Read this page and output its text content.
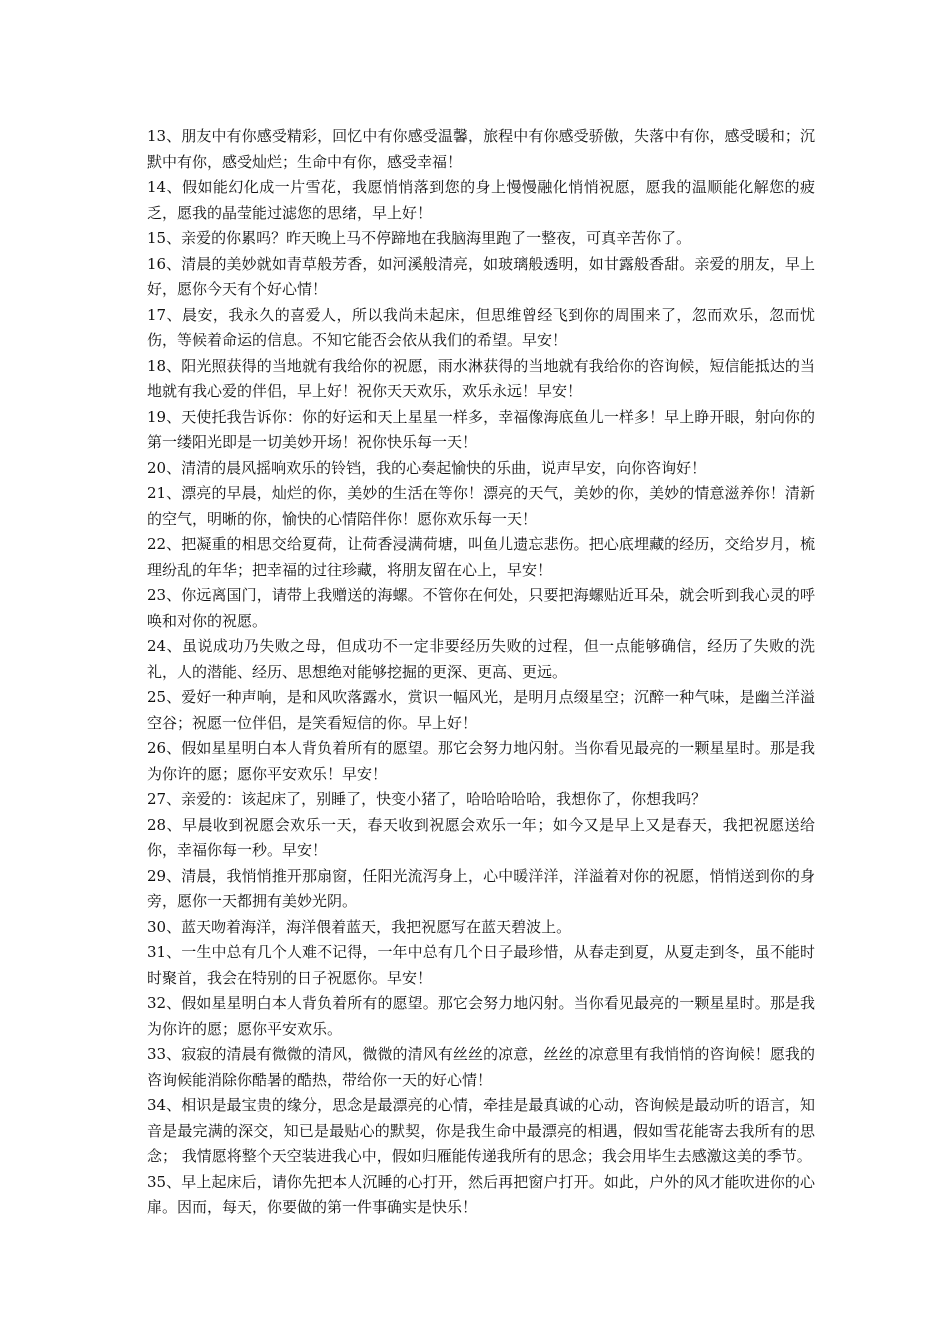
13、朋友中有你感受精彩，回忆中有你感受温馨，旅程中有你感受骄傲，失落中有你，感受暖和；沉默中有你，感受灿烂；生命中有你，感受幸福！

14、假如能幻化成一片雪花，我愿悄悄落到您的身上慢慢融化悄悄祝愿，愿我的温顺能化解您的疲乏，愿我的晶莹能过滤您的思绪，早上好！

15、亲爱的你累吗？昨天晚上马不停蹄地在我脑海里跑了一整夜，可真辛苦你了。

16、清晨的美妙就如青草般芳香，如河溪般清亮，如玻璃般透明，如甘露般香甜。亲爱的朋友，早上好，愿你今天有个好心情！

17、晨安，我永久的喜爱人，所以我尚未起床，但思维曾经飞到你的周围来了，忽而欢乐，忽而忧伤，等候着命运的信息。不知它能否会依从我们的希望。早安！

18、阳光照获得的当地就有我给你的祝愿，雨水淋获得的当地就有我给你的咨询候，短信能抵达的当地就有我心爱的伴侣，早上好！祝你天天欢乐，欢乐永远！早安！

19、天使托我告诉你：你的好运和天上星星一样多，幸福像海底鱼儿一样多！早上睁开眼，射向你的第一缕阳光即是一切美妙开场！祝你快乐每一天！

20、清清的晨风摇响欢乐的铃铛，我的心奏起愉快的乐曲，说声早安，向你咨询好！

21、漂亮的早晨，灿烂的你，美妙的生活在等你！漂亮的天气，美妙的你，美妙的情意滋养你！清新的空气，明晰的你，愉快的心情陪伴你！愿你欢乐每一天！

22、把凝重的相思交给夏荷，让荷香浸满荷塘，叫鱼儿遗忘悲伤。把心底埋藏的经历，交给岁月，梳理纷乱的年华；把幸福的过往珍藏，将朋友留在心上，早安！

23、你远离国门，请带上我赠送的海螺。不管你在何处，只要把海螺贴近耳朵，就会听到我心灵的呼唤和对你的祝愿。

24、虽说成功乃失败之母，但成功不一定非要经历失败的过程，但一点能够确信，经历了失败的洗礼，人的潜能、经历、思想绝对能够挖掘的更深、更高、更远。

25、爱好一种声响，是和风吹落露水，赏识一幅风光，是明月点缀星空；沉醉一种气味，是幽兰洋溢空谷；祝愿一位伴侣，是笑看短信的你。早上好！

26、假如星星明白本人背负着所有的愿望。那它会努力地闪射。当你看见最亮的一颗星星时。那是我为你许的愿；愿你平安欢乐！早安！

27、亲爱的：该起床了，别睡了，快变小猪了，哈哈哈哈哈，我想你了，你想我吗？

28、早晨收到祝愿会欢乐一天，春天收到祝愿会欢乐一年；如今又是早上又是春天，我把祝愿送给你，幸福你每一秒。早安！

29、清晨，我悄悄推开那扇窗，任阳光流泻身上，心中暖洋洋，洋溢着对你的祝愿，悄悄送到你的身旁，愿你一天都拥有美妙光阴。

30、蓝天吻着海洋，海洋偎着蓝天，我把祝愿写在蓝天碧波上。

31、一生中总有几个人难不记得，一年中总有几个日子最珍惜，从春走到夏，从夏走到冬，虽不能时时聚首，我会在特别的日子祝愿你。早安！

32、假如星星明白本人背负着所有的愿望。那它会努力地闪射。当你看见最亮的一颗星星时。那是我为你许的愿；愿你平安欢乐。

33、寂寂的清晨有微微的清风，微微的清风有丝丝的凉意，丝丝的凉意里有我悄悄的咨询候！愿我的咨询候能消除你酷暑的酷热，带给你一天的好心情！

34、相识是最宝贵的缘分，思念是最漂亮的心情，牵挂是最真诚的心动，咨询候是最动听的语言，知音是最完满的深交，知已是最贴心的默契，你是我生命中最漂亮的相遇，假如雪花能寄去我所有的思念； 我情愿将整个天空装进我心中，假如归雁能传递我所有的思念；我会用毕生去感激这美的季节。

35、早上起床后，请你先把本人沉睡的心打开，然后再把窗户打开。如此，户外的风才能吹进你的心扉。因而，每天，你要做的第一件事确实是快乐！
